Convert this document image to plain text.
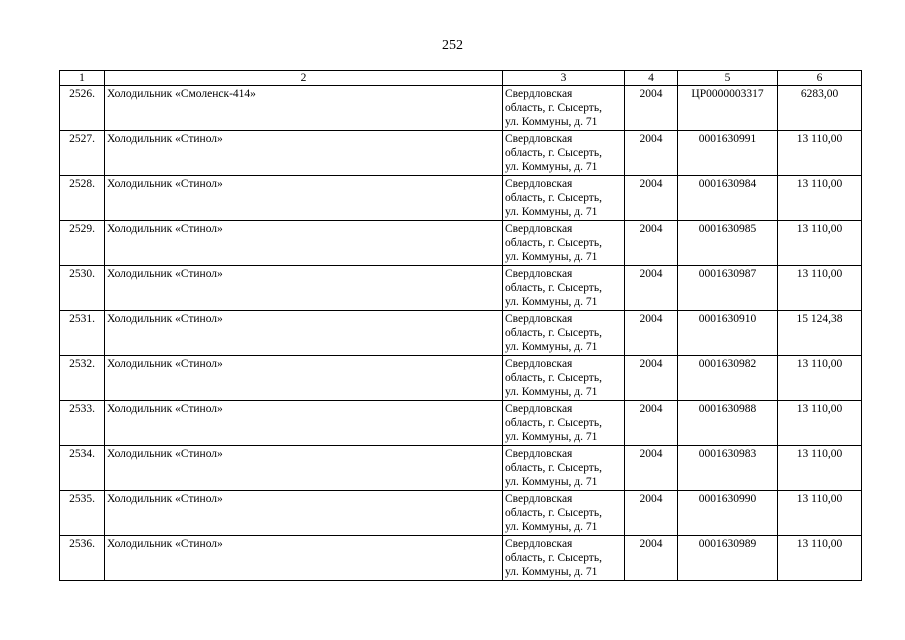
252
1	2	3	4	5	6
2526.	Холодильник «Смоленск-414»	Свердловская
область, г. Сысерть,
ул. Коммуны, д. 71	2004	ЦР0000003317	6283,00
2527.	Холодильник «Стинол»	Свердловская
область, г. Сысерть,
ул. Коммуны, д. 71	2004	0001630991	13 110,00
2528.	Холодильник «Стинол»	Свердловская
область, г. Сысерть,
ул. Коммуны, д. 71	2004	0001630984	13 110,00
2529.	Холодильник «Стинол»	Свердловская
область, г. Сысерть,
ул. Коммуны, д. 71	2004	0001630985	13 110,00
2530.	Холодильник «Стинол»	Свердловская
область, г. Сысерть,
ул. Коммуны, д. 71	2004	0001630987	13 110,00
2531.	Холодильник «Стинол»	Свердловская
область, г. Сысерть,
ул. Коммуны, д. 71	2004	0001630910	15 124,38
2532.	Холодильник «Стинол»	Свердловская
область, г. Сысерть,
ул. Коммуны, д. 71	2004	0001630982	13 110,00
2533.	Холодильник «Стинол»	Свердловская
область, г. Сысерть,
ул. Коммуны, д. 71	2004	0001630988	13 110,00
2534.	Холодильник «Стинол»	Свердловская
область, г. Сысерть,
ул. Коммуны, д. 71	2004	0001630983	13 110,00
2535.	Холодильник «Стинол»	Свердловская
область, г. Сысерть,
ул. Коммуны, д. 71	2004	0001630990	13 110,00
2536.	Холодильник «Стинол»	Свердловская
область, г. Сысерть,
ул. Коммуны, д. 71	2004	0001630989	13 110,00
